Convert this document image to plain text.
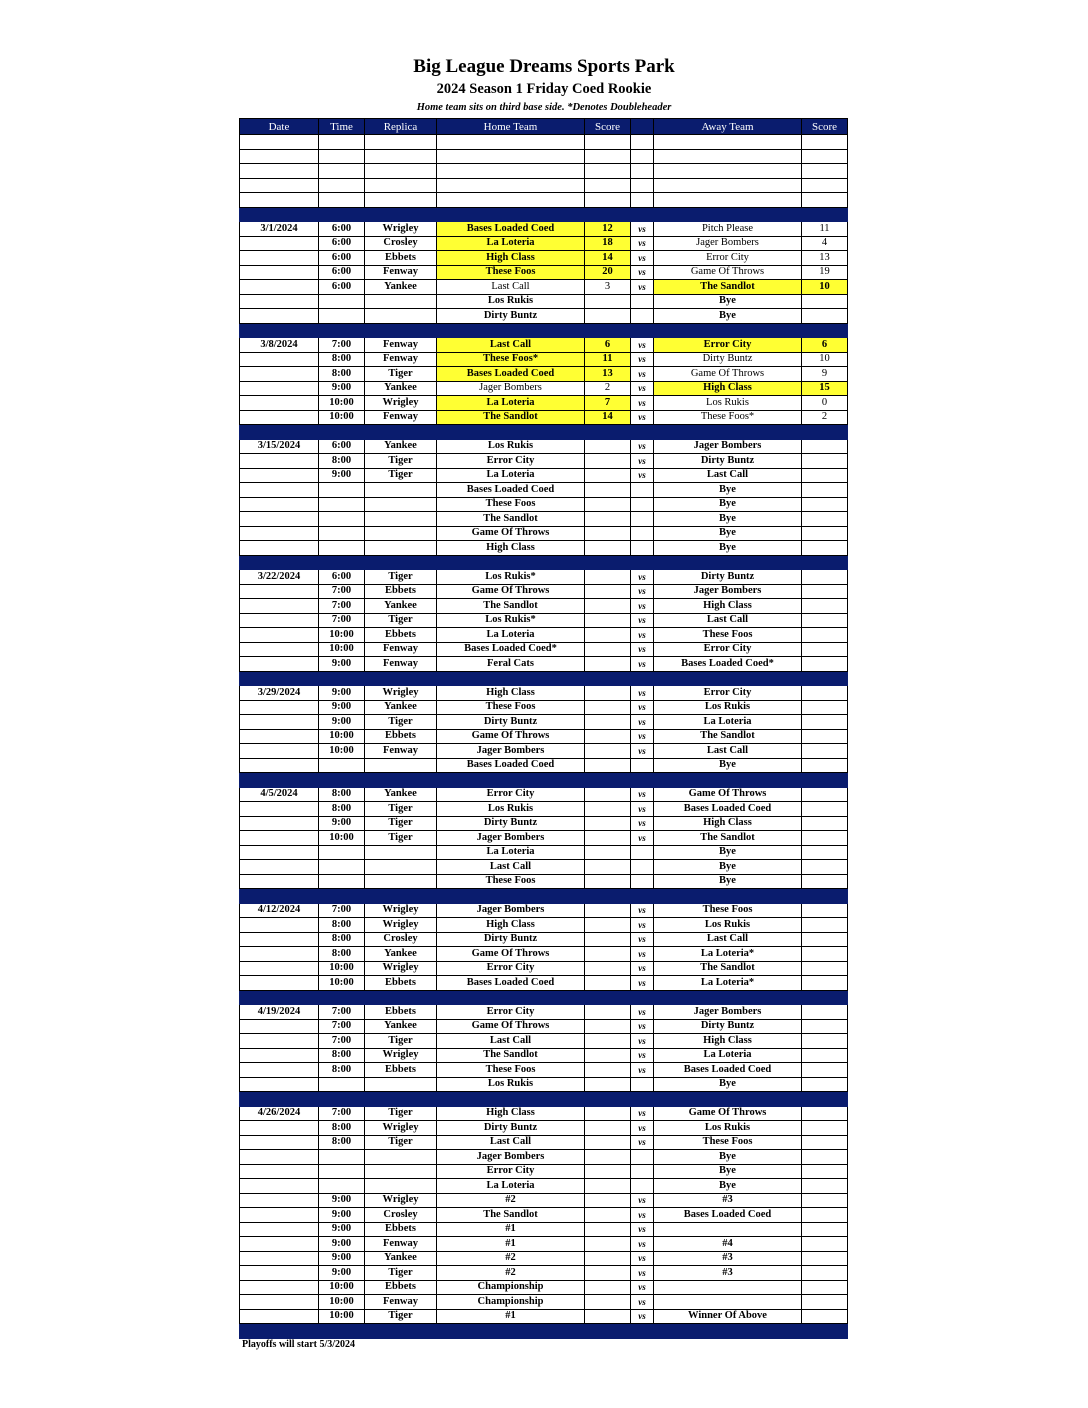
Big League Dreams Sports Park
2024 Season 1 Friday Coed Rookie
Home team sits on third base side. *Denotes Doubleheader
Date	Time	Replica	Home Team	Score		Away Team	Score

3/1/2024	6:00	Wrigley	Bases Loaded Coed	12	vs	Pitch Please	11
	6:00	Crosley	La Loteria	18	vs	Jager Bombers	4
	6:00	Ebbets	High Class	14	vs	Error City	13
	6:00	Fenway	These Foos	20	vs	Game Of Throws	19
	6:00	Yankee	Last Call	3	vs	The Sandlot	10
			Los Rukis			Bye	
			Dirty Buntz			Bye	

3/8/2024	7:00	Fenway	Last Call	6	vs	Error City	6
	8:00	Fenway	These Foos*	11	vs	Dirty Buntz	10
	8:00	Tiger	Bases Loaded Coed	13	vs	Game Of Throws	9
	9:00	Yankee	Jager Bombers	2	vs	High Class	15
	10:00	Wrigley	La Loteria	7	vs	Los Rukis	0
	10:00	Fenway	The Sandlot	14	vs	These Foos*	2

3/15/2024	6:00	Yankee	Los Rukis		vs	Jager Bombers	
	8:00	Tiger	Error City		vs	Dirty Buntz	
	9:00	Tiger	La Loteria		vs	Last Call	
			Bases Loaded Coed			Bye	
			These Foos			Bye	
			The Sandlot			Bye	
			Game Of Throws			Bye	
			High Class			Bye	

3/22/2024	6:00	Tiger	Los Rukis*		vs	Dirty Buntz	
	7:00	Ebbets	Game Of Throws		vs	Jager Bombers	
	7:00	Yankee	The Sandlot		vs	High Class	
	7:00	Tiger	Los Rukis*		vs	Last Call	
	10:00	Ebbets	La Loteria		vs	These Foos	
	10:00	Fenway	Bases Loaded Coed*		vs	Error City	
	9:00	Fenway	Feral Cats		vs	Bases Loaded Coed*	

3/29/2024	9:00	Wrigley	High Class		vs	Error City	
	9:00	Yankee	These Foos		vs	Los Rukis	
	9:00	Tiger	Dirty Buntz		vs	La Loteria	
	10:00	Ebbets	Game Of Throws		vs	The Sandlot	
	10:00	Fenway	Jager Bombers		vs	Last Call	
			Bases Loaded Coed			Bye	

4/5/2024	8:00	Yankee	Error City		vs	Game Of Throws	
	8:00	Tiger	Los Rukis		vs	Bases Loaded Coed	
	9:00	Tiger	Dirty Buntz		vs	High Class	
	10:00	Tiger	Jager Bombers		vs	The Sandlot	
			La Loteria			Bye	
			Last Call			Bye	
			These Foos			Bye	

4/12/2024	7:00	Wrigley	Jager Bombers		vs	These Foos	
	8:00	Wrigley	High Class		vs	Los Rukis	
	8:00	Crosley	Dirty Buntz		vs	Last Call	
	8:00	Yankee	Game Of Throws		vs	La Loteria*	
	10:00	Wrigley	Error City		vs	The Sandlot	
	10:00	Ebbets	Bases Loaded Coed		vs	La Loteria*	

4/19/2024	7:00	Ebbets	Error City		vs	Jager Bombers	
	7:00	Yankee	Game Of Throws		vs	Dirty Buntz	
	7:00	Tiger	Last Call		vs	High Class	
	8:00	Wrigley	The Sandlot		vs	La Loteria	
	8:00	Ebbets	These Foos		vs	Bases Loaded Coed	
			Los Rukis			Bye	

4/26/2024	7:00	Tiger	High Class		vs	Game Of Throws	
	8:00	Wrigley	Dirty Buntz		vs	Los Rukis	
	8:00	Tiger	Last Call		vs	These Foos	
			Jager Bombers			Bye	
			Error City			Bye	
			La Loteria			Bye	
	9:00	Wrigley	#2		vs	#3	
	9:00	Crosley	The Sandlot		vs	Bases Loaded Coed	
	9:00	Ebbets	#1		vs		
	9:00	Fenway	#1		vs	#4	
	9:00	Yankee	#2		vs	#3	
	9:00	Tiger	#2		vs	#3	
	10:00	Ebbets	Championship		vs		
	10:00	Fenway	Championship		vs		
	10:00	Tiger	#1		vs	Winner Of Above	

Playoffs will start 5/3/2024
